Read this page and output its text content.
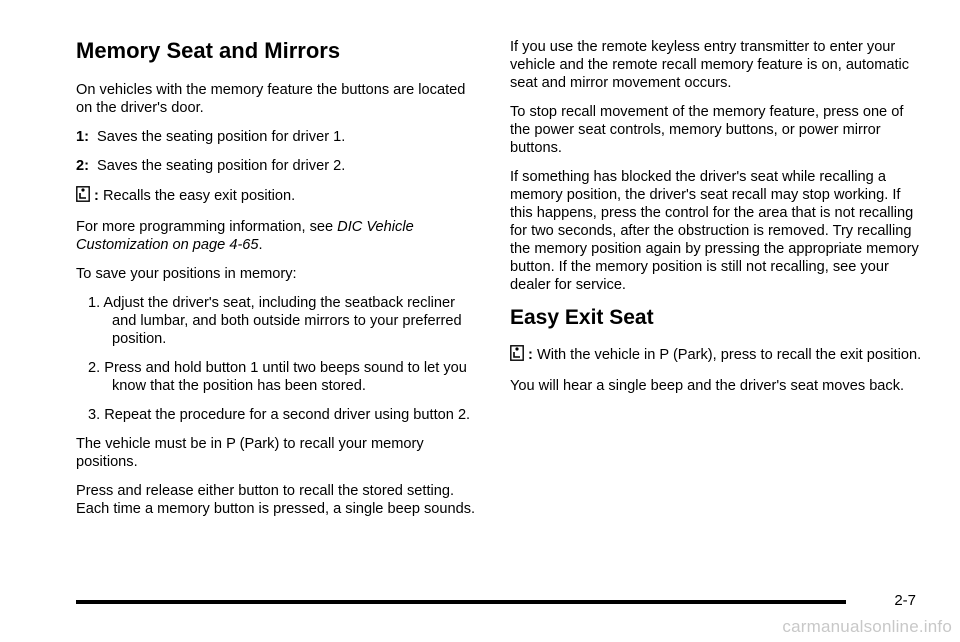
Memory Seat and Mirrors

On vehicles with the memory feature the buttons are located on the driver's door.

1: Saves the seating position for driver 1.

2: Saves the seating position for driver 2.

: Recalls the easy exit position.

For more programming information, see DIC Vehicle Customization on page 4-65.

To save your positions in memory:

1. Adjust the driver's seat, including the seatback recliner and lumbar, and both outside mirrors to your preferred position.
2. Press and hold button 1 until two beeps sound to let you know that the position has been stored.
3. Repeat the procedure for a second driver using button 2.

The vehicle must be in P (Park) to recall your memory positions.

Press and release either button to recall the stored setting. Each time a memory button is pressed, a single beep sounds.

If you use the remote keyless entry transmitter to enter your vehicle and the remote recall memory feature is on, automatic seat and mirror movement occurs.

To stop recall movement of the memory feature, press one of the power seat controls, memory buttons, or power mirror buttons.

If something has blocked the driver's seat while recalling a memory position, the driver's seat recall may stop working. If this happens, press the control for the area that is not recalling for two seconds, after the obstruction is removed. Try recalling the memory position again by pressing the appropriate memory button. If the memory position is still not recalling, see your dealer for service.

Easy Exit Seat

: With the vehicle in P (Park), press to recall the exit position.

You will hear a single beep and the driver's seat moves back.

2-7
carmanualsonline.info
